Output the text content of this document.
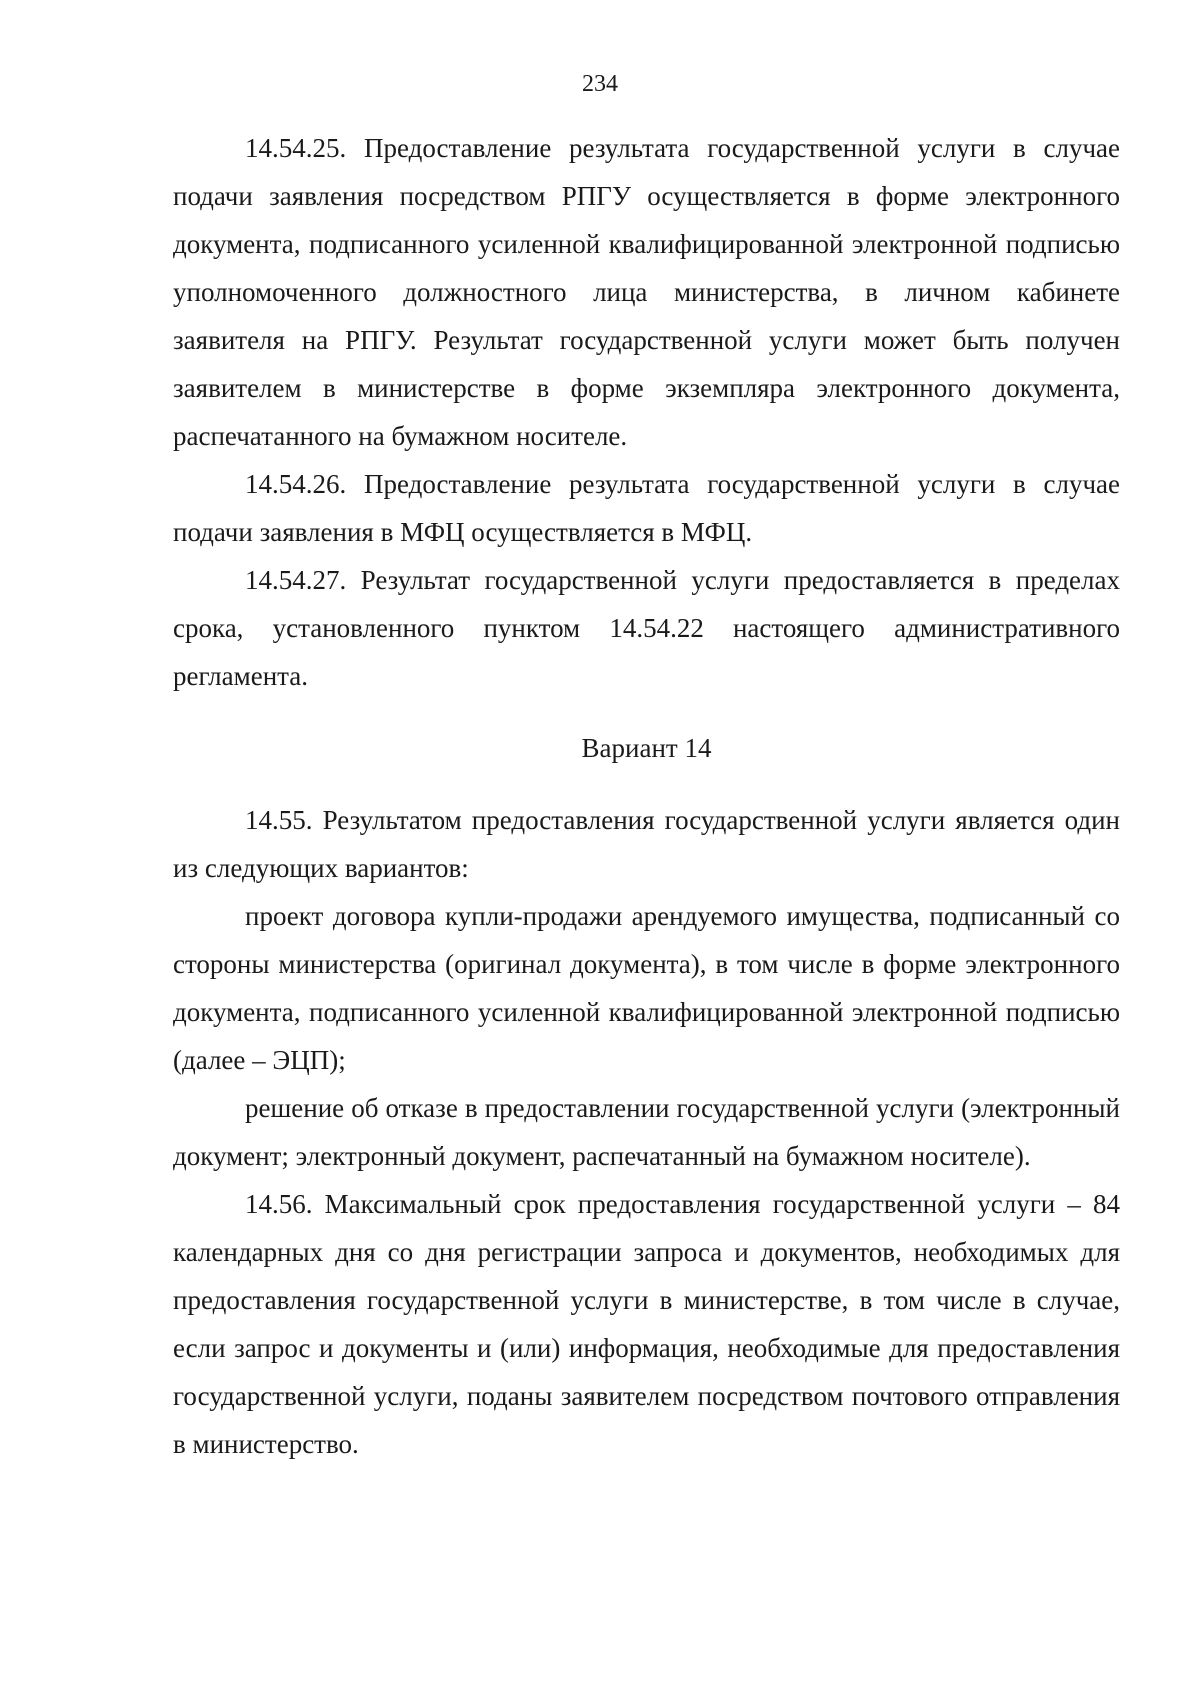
234

14.54.25. Предоставление результата государственной услуги в случае подачи заявления посредством РПГУ осуществляется в форме электронного документа, подписанного усиленной квалифицированной электронной подписью уполномоченного должностного лица министерства, в личном кабинете заявителя на РПГУ. Результат государственной услуги может быть получен заявителем в министерстве в форме экземпляра электронного документа, распечатанного на бумажном носителе.

14.54.26. Предоставление результата государственной услуги в случае подачи заявления в МФЦ осуществляется в МФЦ.

14.54.27. Результат государственной услуги предоставляется в пределах срока, установленного пунктом 14.54.22 настоящего административного регламента.

Вариант 14

14.55. Результатом предоставления государственной услуги является один из следующих вариантов:

проект договора купли-продажи арендуемого имущества, подписанный со стороны министерства (оригинал документа), в том числе в форме электронного документа, подписанного усиленной квалифицированной электронной подписью (далее – ЭЦП);

решение об отказе в предоставлении государственной услуги (электронный документ; электронный документ, распечатанный на бумажном носителе).

14.56. Максимальный срок предоставления государственной услуги – 84 календарных дня со дня регистрации запроса и документов, необходимых для предоставления государственной услуги в министерстве, в том числе в случае, если запрос и документы и (или) информация, необходимые для предоставления государственной услуги, поданы заявителем посредством почтового отправления в министерство.
